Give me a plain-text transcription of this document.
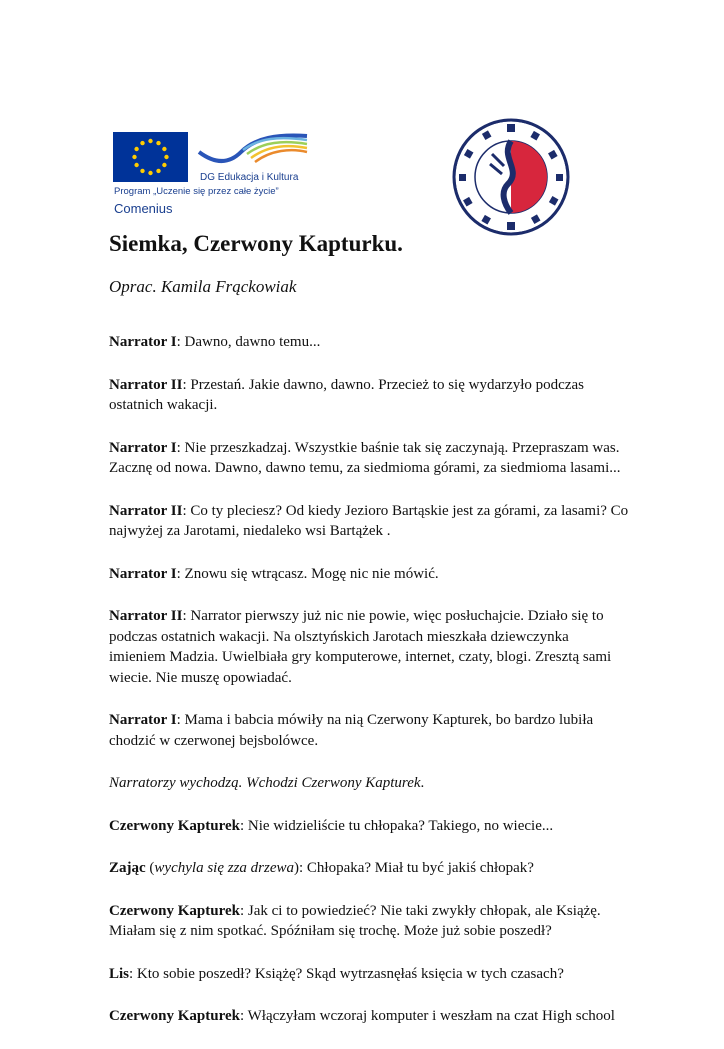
DG Edukacja i Kultura
Program „Uczenie się przez całe życie”
Comenius
Siemka, Czerwony Kapturku.

Oprac. Kamila Frąckowiak

Narrator I: Dawno, dawno temu...

Narrator II: Przestań. Jakie dawno, dawno. Przecież to się wydarzyło podczas
ostatnich wakacji.

Narrator I: Nie przeszkadzaj. Wszystkie baśnie tak się zaczynają. Przepraszam was.
Zacznę od nowa. Dawno, dawno temu, za siedmioma górami, za siedmioma lasami...

Narrator II: Co ty pleciesz? Od kiedy Jezioro Bartąskie jest za górami, za lasami? Co
najwyżej za Jarotami, niedaleko wsi Bartążek .

Narrator I: Znowu się wtrącasz. Mogę nic nie mówić.

Narrator II: Narrator pierwszy już nic nie powie, więc posłuchajcie. Działo się to
podczas ostatnich wakacji. Na olsztyńskich Jarotach mieszkała dziewczynka
imieniem Madzia. Uwielbiała gry komputerowe, internet, czaty, blogi. Zresztą sami
wiecie. Nie muszę opowiadać.

Narrator I: Mama i babcia mówiły na nią Czerwony Kapturek, bo bardzo lubiła
chodzić w czerwonej bejsbolówce.

Narratorzy wychodzą. Wchodzi Czerwony Kapturek.

Czerwony Kapturek: Nie widzieliście tu chłopaka? Takiego, no wiecie...

Zając (wychyla się zza drzewa): Chłopaka? Miał tu być jakiś chłopak?

Czerwony Kapturek: Jak ci to powiedzieć? Nie taki zwykły chłopak, ale Książę.
Miałam się z nim spotkać. Spóźniłam się trochę. Może już sobie poszedł?

Lis: Kto sobie poszedł? Książę? Skąd wytrzasnęłaś księcia w tych czasach?

Czerwony Kapturek: Włączyłam wczoraj komputer i weszłam na czat High school
